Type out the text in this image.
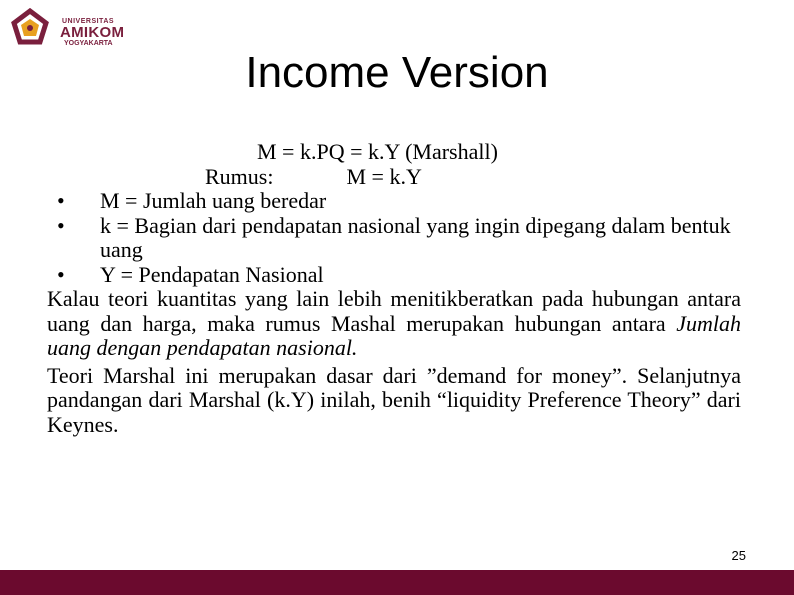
UNIVERSITAS
AMIKOM
YOGYAKARTA
Income Version
M = k.PQ = k.Y (Marshall)
Rumus:	M = k.Y
• M = Jumlah uang beredar
• k = Bagian dari pendapatan nasional yang ingin dipegang dalam bentuk uang
• Y = Pendapatan Nasional
Kalau teori kuantitas yang lain lebih menitikberatkan pada hubungan antara uang dan harga, maka rumus Mashal merupakan hubungan antara Jumlah uang dengan pendapatan nasional.
Teori Marshal ini merupakan dasar dari ”demand for money”. Selanjutnya pandangan dari Marshal (k.Y) inilah, benih “liquidity Preference Theory” dari Keynes.
25
